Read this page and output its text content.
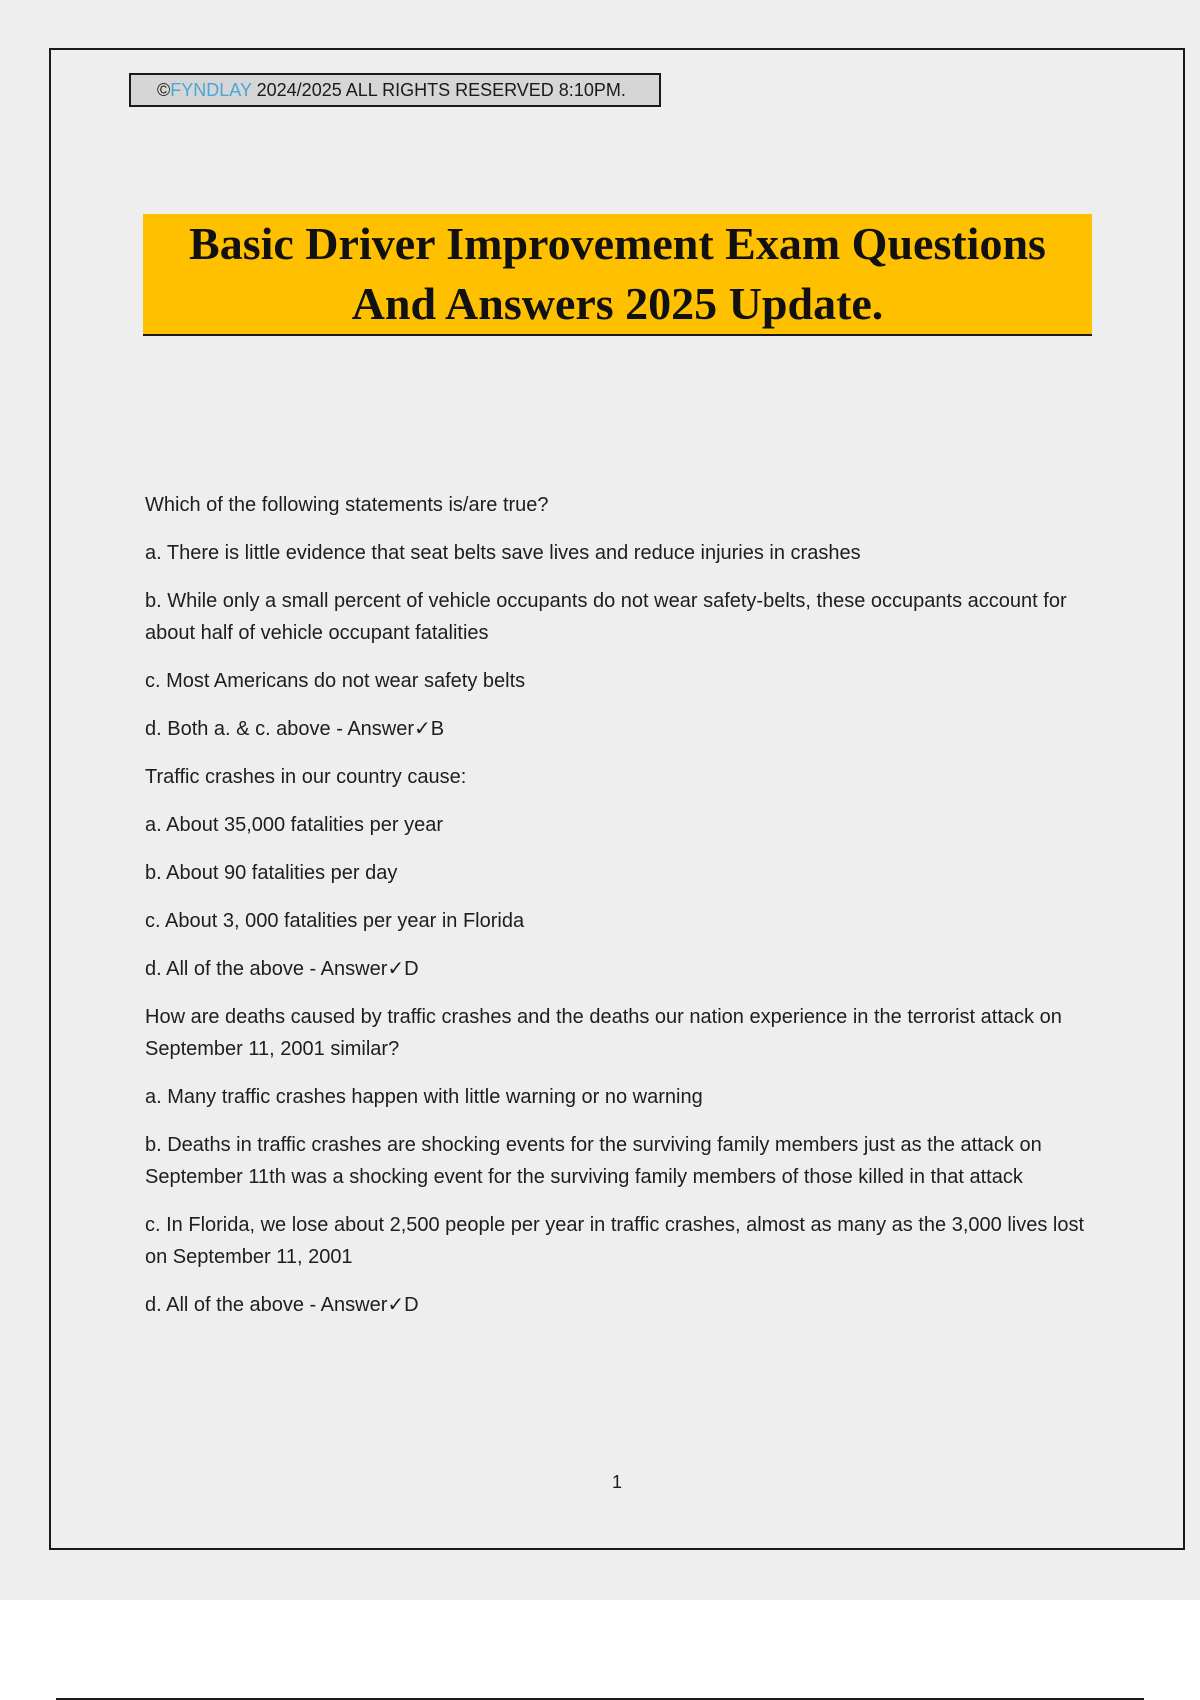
©FYNDLAY 2024/2025 ALL RIGHTS RESERVED 8:10PM.
Basic Driver Improvement Exam Questions
And Answers 2025 Update.

Which of the following statements is/are true?

a. There is little evidence that seat belts save lives and reduce injuries in crashes

b. While only a small percent of vehicle occupants do not wear safety-belts, these occupants account for about half of vehicle occupant fatalities

c. Most Americans do not wear safety belts

d. Both a. & c. above - Answer✓B

Traffic crashes in our country cause:

a. About 35,000 fatalities per year

b. About 90 fatalities per day

c. About 3, 000 fatalities per year in Florida

d. All of the above - Answer✓D

How are deaths caused by traffic crashes and the deaths our nation experience in the terrorist attack on September 11, 2001 similar?

a. Many traffic crashes happen with little warning or no warning

b. Deaths in traffic crashes are shocking events for the surviving family members just as the attack on September 11th was a shocking event for the surviving family members of those killed in that attack

c. In Florida, we lose about 2,500 people per year in traffic crashes, almost as many as the 3,000 lives lost on September 11, 2001

d. All of the above - Answer✓D

1
